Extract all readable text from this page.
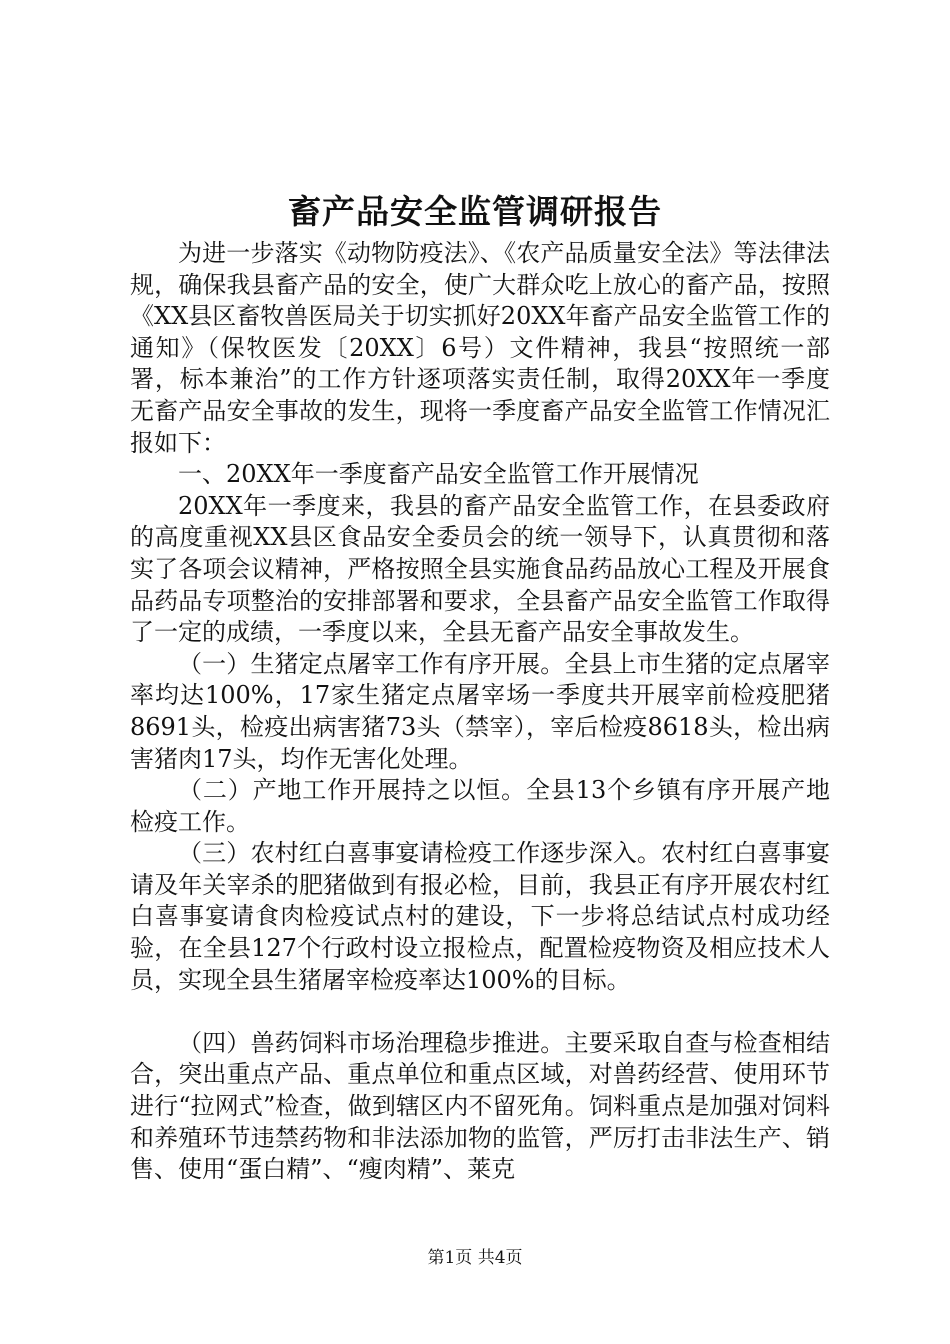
畜产品安全监管调研报告

为进一步落实《动物防疫法》、《农产品质量安全法》等法律法规，确保我县畜产品的安全，使广大群众吃上放心的畜产品，按照《XX县区畜牧兽医局关于切实抓好20XX年畜产品安全监管工作的通知》（保牧医发〔20XX〕6号）文件精神，我县“按照统一部署，标本兼治”的工作方针逐项落实责任制，取得20XX年一季度无畜产品安全事故的发生，现将一季度畜产品安全监管工作情况汇报如下：

一、20XX年一季度畜产品安全监管工作开展情况

20XX年一季度来，我县的畜产品安全监管工作，在县委政府的高度重视XX县区食品安全委员会的统一领导下，认真贯彻和落实了各项会议精神，严格按照全县实施食品药品放心工程及开展食品药品专项整治的安排部署和要求，全县畜产品安全监管工作取得了一定的成绩，一季度以来，全县无畜产品安全事故发生。

（一）生猪定点屠宰工作有序开展。全县上市生猪的定点屠宰率均达100%，17家生猪定点屠宰场一季度共开展宰前检疫肥猪8691头，检疫出病害猪73头（禁宰），宰后检疫8618头，检出病害猪肉17头，均作无害化处理。

（二）产地工作开展持之以恒。全县13个乡镇有序开展产地检疫工作。

（三）农村红白喜事宴请检疫工作逐步深入。农村红白喜事宴请及年关宰杀的肥猪做到有报必检，目前，我县正有序开展农村红白喜事宴请食肉检疫试点村的建设，下一步将总结试点村成功经验，在全县127个行政村设立报检点，配置检疫物资及相应技术人员，实现全县生猪屠宰检疫率达100%的目标。

（四）兽药饲料市场治理稳步推进。主要采取自查与检查相结合，突出重点产品、重点单位和重点区域，对兽药经营、使用环节进行“拉网式”检查，做到辖区内不留死角。饲料重点是加强对饲料和养殖环节违禁药物和非法添加物的监管，严厉打击非法生产、销售、使用“蛋白精”、“瘦肉精”、莱克

第1页 共4页
